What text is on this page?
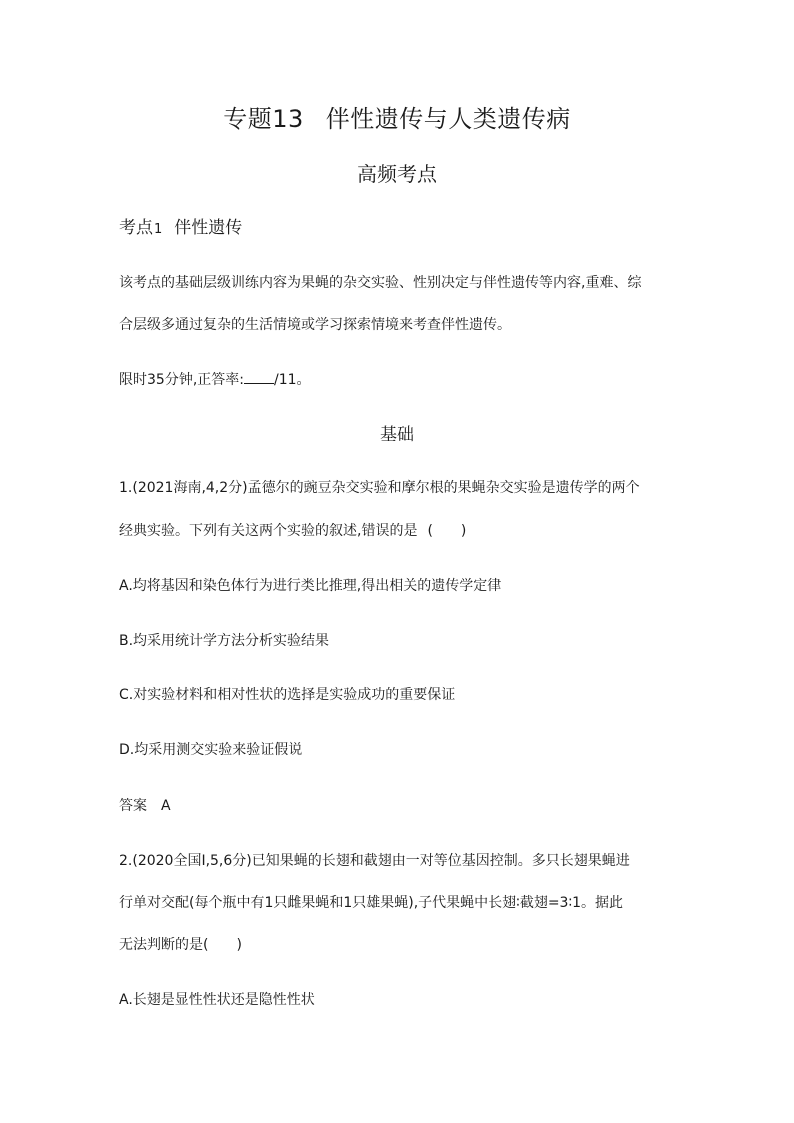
专题13 伴性遗传与人类遗传病
高频考点
考点1 伴性遗传
该考点的基础层级训练内容为果蝇的杂交实验、性别决定与伴性遗传等内容,重难、综
合层级多通过复杂的生活情境或学习探索情境来考查伴性遗传。
限时35分钟,正答率: /11。
基础
1.(2021海南,4,2分)孟德尔的豌豆杂交实验和摩尔根的果蝇杂交实验是遗传学的两个
经典实验。下列有关这两个实验的叙述,错误的是 (　　)
A.均将基因和染色体行为进行类比推理,得出相关的遗传学定律
B.均采用统计学方法分析实验结果
C.对实验材料和相对性状的选择是实验成功的重要保证
D.均采用测交实验来验证假说
答案 A
2.(2020全国Ⅰ,5,6分)已知果蝇的长翅和截翅由一对等位基因控制。多只长翅果蝇进
行单对交配(每个瓶中有1只雌果蝇和1只雄果蝇),子代果蝇中长翅∶截翅=3∶1。据此
无法判断的是(　　)
A.长翅是显性性状还是隐性性状
